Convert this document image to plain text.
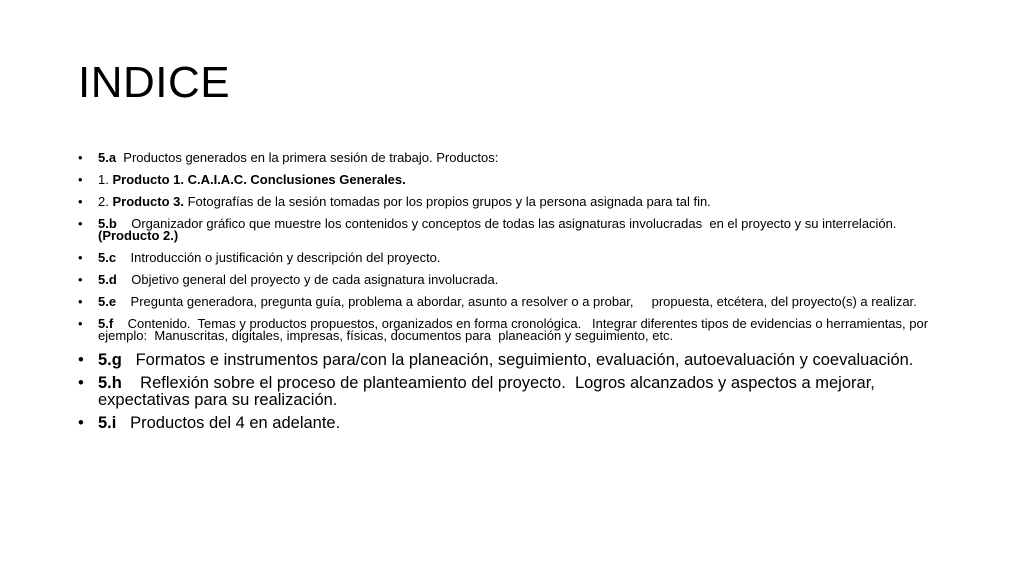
INDICE
• 5.a  Productos generados en la primera sesión de trabajo. Productos:
• 1. Producto 1. C.A.I.A.C. Conclusiones Generales.
• 2. Producto 3. Fotografías de la sesión tomadas por los propios grupos y la persona asignada para tal fin.
• 5.b    Organizador gráfico que muestre los contenidos y conceptos de todas las asignaturas involucradas  en el proyecto y su interrelación.(Producto 2.)
• 5.c    Introducción o justificación y descripción del proyecto.
• 5.d    Objetivo general del proyecto y de cada asignatura involucrada.
• 5.e    Pregunta generadora, pregunta guía, problema a abordar, asunto a resolver o a probar,     propuesta, etcétera, del proyecto(s) a realizar.
• 5.f    Contenido.  Temas y productos propuestos, organizados en forma cronológica.   Integrar diferentes tipos de evidencias o herramientas, por ejemplo:  Manuscritas, digitales, impresas, físicas, documentos para  planeación y seguimiento, etc.
• 5.g   Formatos e instrumentos para/con la planeación, seguimiento, evaluación, autoevaluación y coevaluación.
• 5.h    Reflexión sobre el proceso de planteamiento del proyecto.  Logros alcanzados y aspectos a mejorar, expectativas para su realización.
• 5.i   Productos del 4 en adelante.
